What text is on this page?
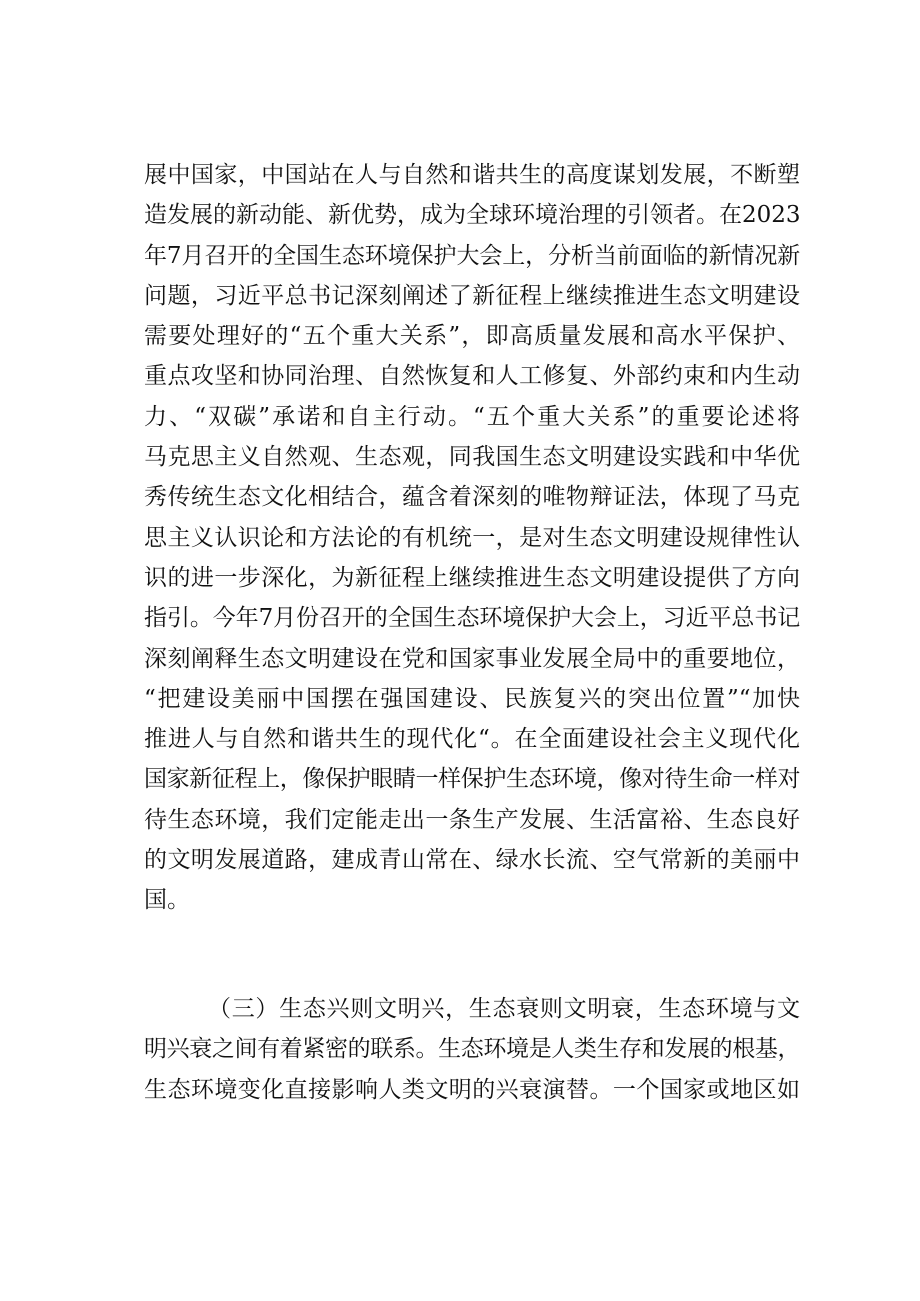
展中国家，中国站在人与自然和谐共生的高度谋划发展，不断塑
造发展的新动能、新优势，成为全球环境治理的引领者。在2023
年7月召开的全国生态环境保护大会上，分析当前面临的新情况新
问题，习近平总书记深刻阐述了新征程上继续推进生态文明建设
需要处理好的“五个重大关系”，即高质量发展和高水平保护、
重点攻坚和协同治理、自然恢复和人工修复、外部约束和内生动
力、“双碳”承诺和自主行动。“五个重大关系”的重要论述将
马克思主义自然观、生态观，同我国生态文明建设实践和中华优
秀传统生态文化相结合，蕴含着深刻的唯物辩证法，体现了马克
思主义认识论和方法论的有机统一，是对生态文明建设规律性认
识的进一步深化，为新征程上继续推进生态文明建设提供了方向
指引。今年7月份召开的全国生态环境保护大会上，习近平总书记
深刻阐释生态文明建设在党和国家事业发展全局中的重要地位，
“把建设美丽中国摆在强国建设、民族复兴的突出位置”“加快
推进人与自然和谐共生的现代化“。在全面建设社会主义现代化
国家新征程上，像保护眼睛一样保护生态环境，像对待生命一样对
待生态环境，我们定能走出一条生产发展、生活富裕、生态良好
的文明发展道路，建成青山常在、绿水长流、空气常新的美丽中
国。
（三）生态兴则文明兴，生态衰则文明衰，生态环境与文
明兴衰之间有着紧密的联系。生态环境是人类生存和发展的根基，
生态环境变化直接影响人类文明的兴衰演替。一个国家或地区如
